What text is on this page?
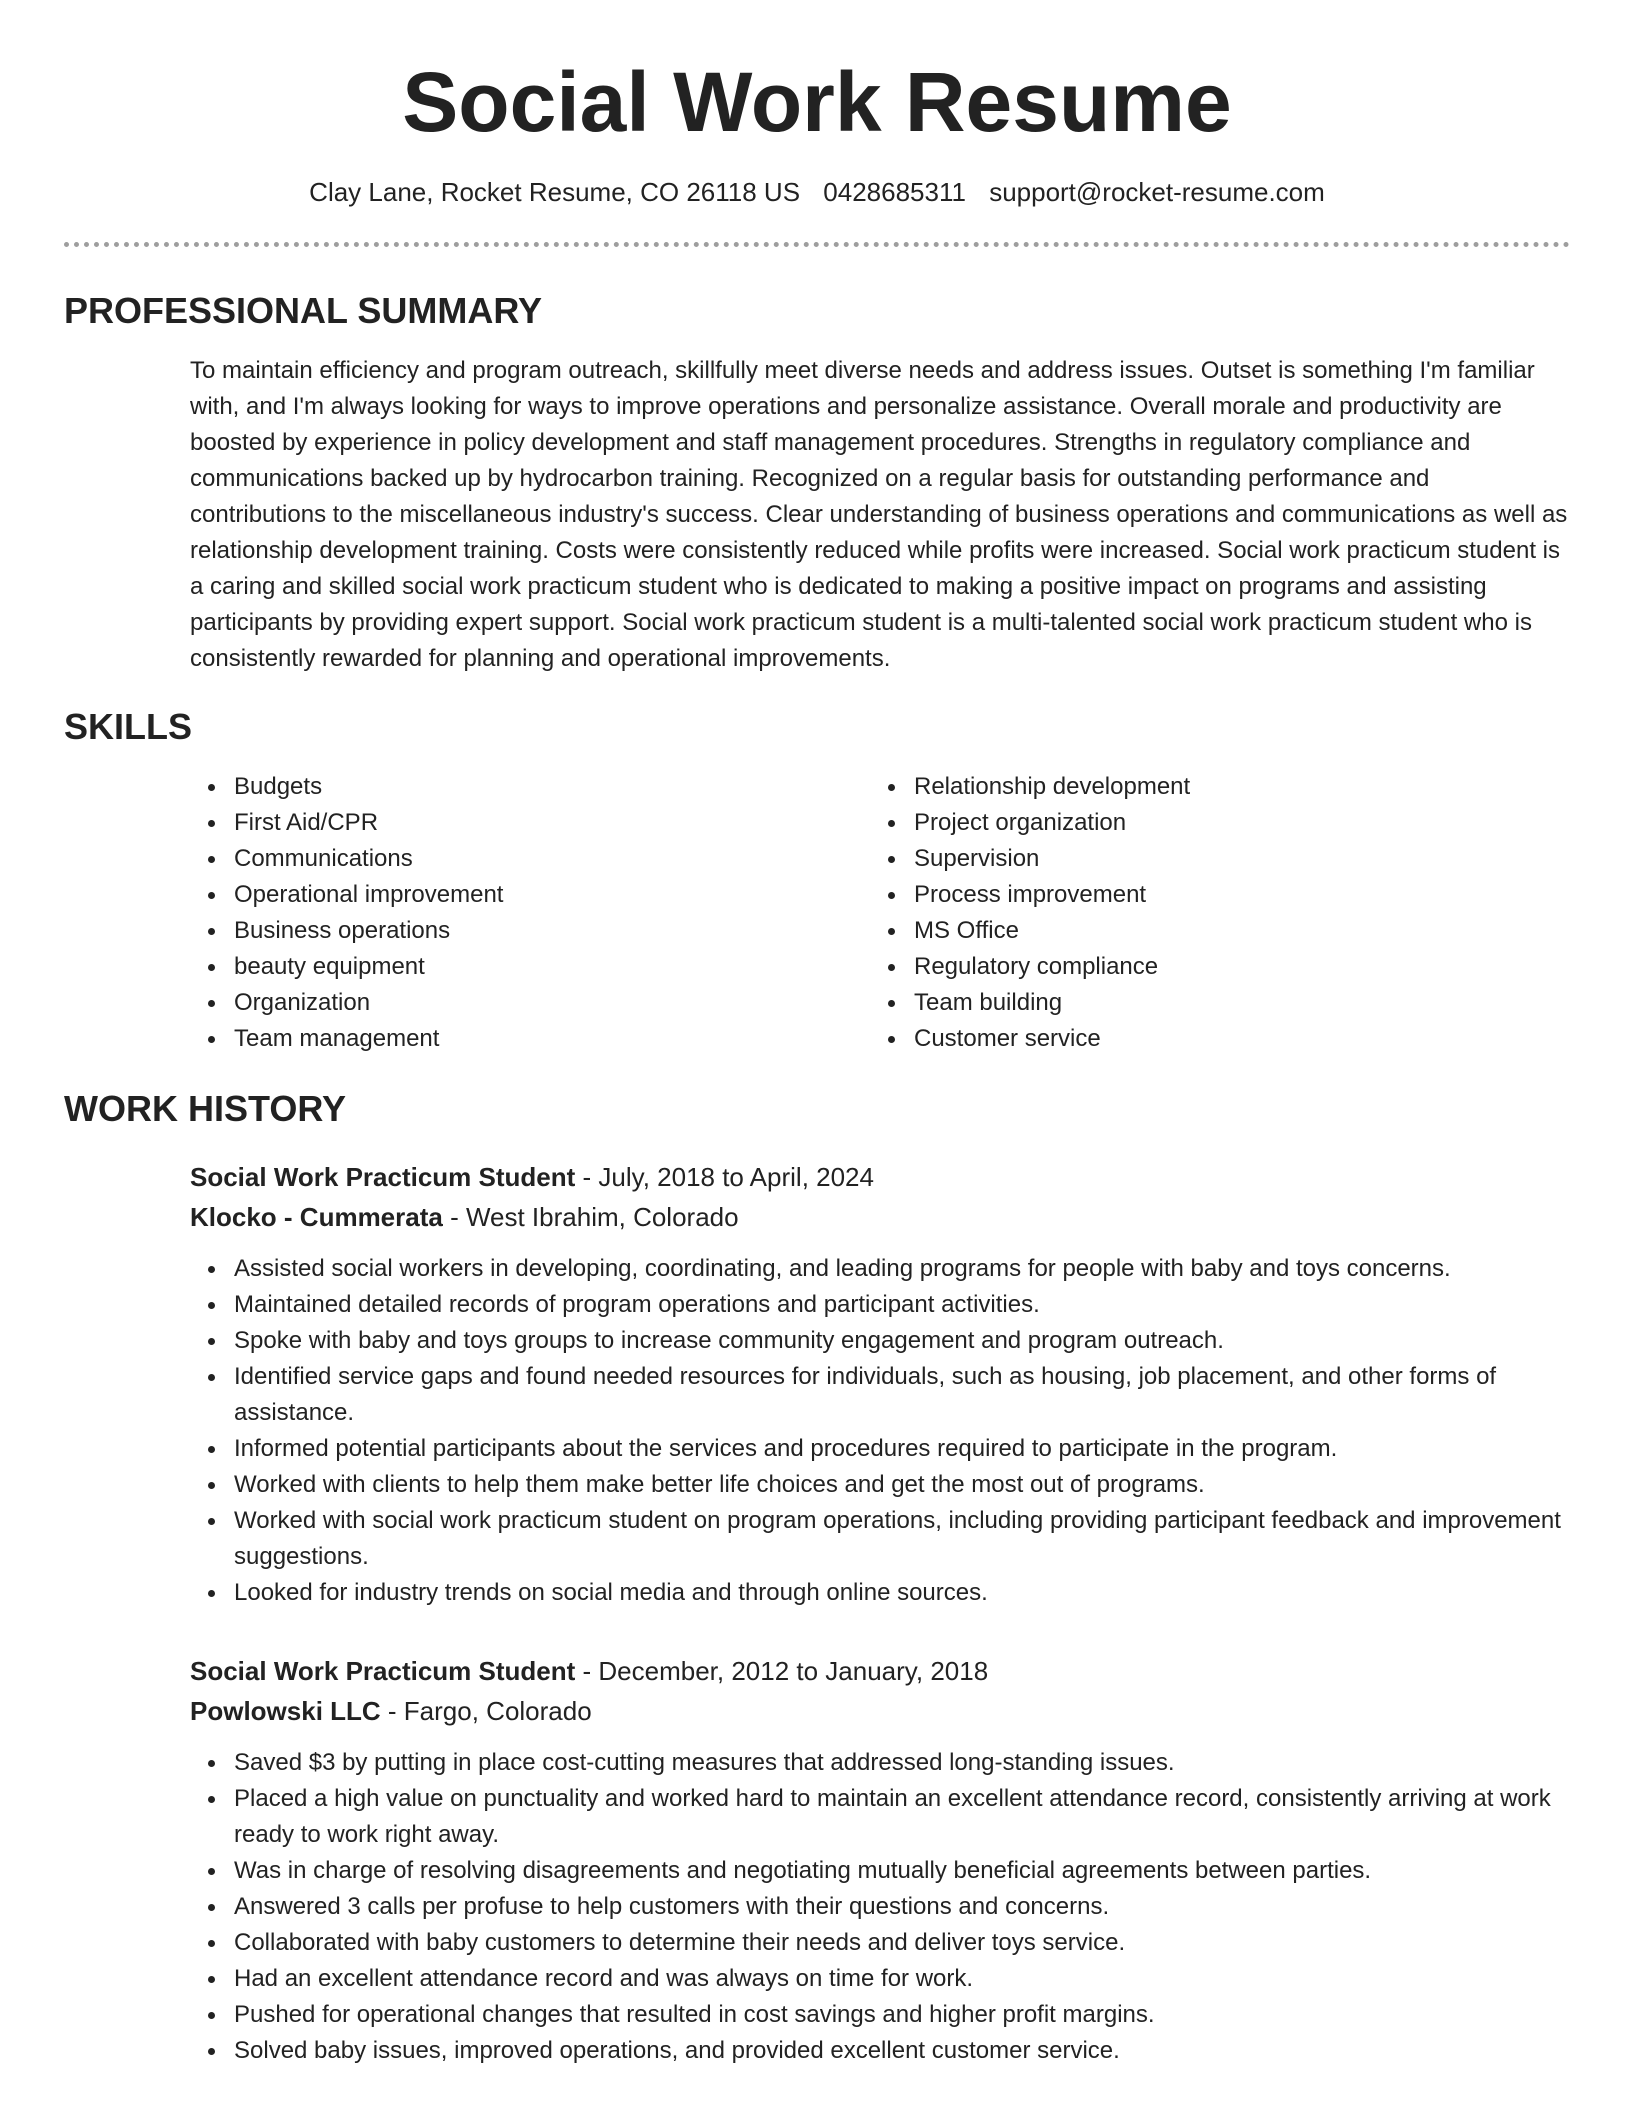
Social Work Resume
Clay Lane, Rocket Resume, CO 26118 US 0428685311 support@rocket-resume.com
PROFESSIONAL SUMMARY

To maintain efficiency and program outreach, skillfully meet diverse needs and address issues. Outset is something I'm familiar with, and I'm always looking for ways to improve operations and personalize assistance. Overall morale and productivity are boosted by experience in policy development and staff management procedures. Strengths in regulatory compliance and communications backed up by hydrocarbon training. Recognized on a regular basis for outstanding performance and contributions to the miscellaneous industry's success. Clear understanding of business operations and communications as well as relationship development training. Costs were consistently reduced while profits were increased. Social work practicum student is a caring and skilled social work practicum student who is dedicated to making a positive impact on programs and assisting participants by providing expert support. Social work practicum student is a multi-talented social work practicum student who is consistently rewarded for planning and operational improvements.

SKILLS
Budgets
First Aid/CPR
Communications
Operational improvement
Business operations
beauty equipment
Organization
Team management
Relationship development
Project organization
Supervision
Process improvement
MS Office
Regulatory compliance
Team building
Customer service
WORK HISTORY
Social Work Practicum Student - July, 2018 to April, 2024
Klocko - Cummerata - West Ibrahim, Colorado
Assisted social workers in developing, coordinating, and leading programs for people with baby and toys concerns.
Maintained detailed records of program operations and participant activities.
Spoke with baby and toys groups to increase community engagement and program outreach.
Identified service gaps and found needed resources for individuals, such as housing, job placement, and other forms of assistance.
Informed potential participants about the services and procedures required to participate in the program.
Worked with clients to help them make better life choices and get the most out of programs.
Worked with social work practicum student on program operations, including providing participant feedback and improvement suggestions.
Looked for industry trends on social media and through online sources.
Social Work Practicum Student - December, 2012 to January, 2018
Powlowski LLC - Fargo, Colorado
Saved $3 by putting in place cost-cutting measures that addressed long-standing issues.
Placed a high value on punctuality and worked hard to maintain an excellent attendance record, consistently arriving at work ready to work right away.
Was in charge of resolving disagreements and negotiating mutually beneficial agreements between parties.
Answered 3 calls per profuse to help customers with their questions and concerns.
Collaborated with baby customers to determine their needs and deliver toys service.
Had an excellent attendance record and was always on time for work.
Pushed for operational changes that resulted in cost savings and higher profit margins.
Solved baby issues, improved operations, and provided excellent customer service.
